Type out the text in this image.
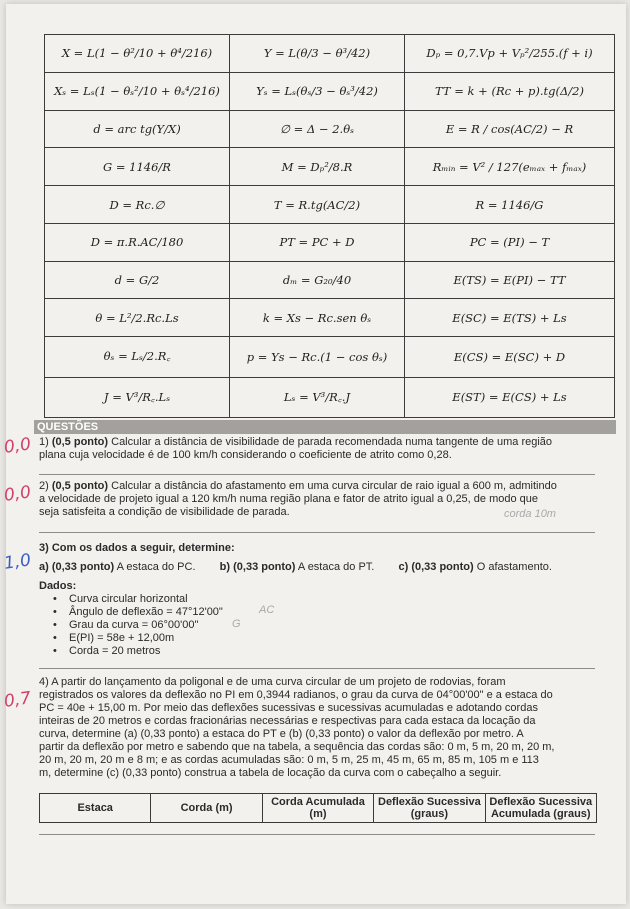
X = L(1 − θ²/10 + θ⁴/216)	Y = L(θ/3 − θ³/42)	Dₚ = 0,7.Vp + Vₚ²/255.(f + i)
Xₛ = Lₛ(1 − θₛ²/10 + θₛ⁴/216)	Yₛ = Lₛ(θₛ/3 − θₛ³/42)	TT = k + (Rc + p).tg(Δ/2)
d = arc tg(Y/X)	∅ = Δ − 2.θₛ	E = R / cos(AC/2) − R
G = 1146/R	M = Dₚ²/8.R	Rₘᵢₙ = V² / 127(eₘₐₓ + fₘₐₓ)
D = Rc.∅	T = R.tg(AC/2)	R = 1146/G
D = π.R.AC/180	PT = PC + D	PC = (PI) − T
d = G/2	dₘ = G₂₀/40	E(TS) = E(PI) − TT
θ = L²/2.Rc.Ls	k = Xs − Rc.sen θₛ	E(SC) = E(TS) + Ls
θₛ = Lₛ/2.R꜀	p = Ys − Rc.(1 − cos θₛ)	E(CS) = E(SC) + D
J = V³/R꜀.Lₛ	Lₛ = V³/R꜀.J	E(ST) = E(CS) + Ls
QUESTÕES
0,0 1) (0,5 ponto) Calcular a distância de visibilidade de parada recomendada numa tangente de uma região
plana cuja velocidade é de 100 km/h considerando o coeficiente de atrito como 0,28.
0,0 2) (0,5 ponto) Calcular a distância do afastamento em uma curva circular de raio igual a 600 m, admitindo
a velocidade de projeto igual a 120 km/h numa região plana e fator de atrito igual a 0,25, de modo que
seja satisfeita a condição de visibilidade de parada.	corda 10m
1,0
3) Com os dados a seguir, determine:
a) (0,33 ponto) A estaca do PC. b) (0,33 ponto) A estaca do PT. c) (0,33 ponto) O afastamento.
Dados:
• Curva circular horizontal
• Ângulo de deflexão = 47°12'00"
• Grau da curva = 06°00'00"
• E(PI) = 58e + 12,00m
• Corda = 20 metros
AC
G
0,7
4) A partir do lançamento da poligonal e de uma curva circular de um projeto de rodovias, foram
registrados os valores da deflexão no PI em 0,3944 radianos, o grau da curva de 04°00'00" e a estaca do
PC = 40e + 15,00 m. Por meio das deflexões sucessivas e sucessivas acumuladas e adotando cordas
inteiras de 20 metros e cordas fracionárias necessárias e respectivas para cada estaca da locação da
curva, determine (a) (0,33 ponto) a estaca do PT e (b) (0,33 ponto) o valor da deflexão por metro. A
partir da deflexão por metro e sabendo que na tabela, a sequência das cordas são: 0 m, 5 m, 20 m, 20 m,
20 m, 20 m, 20 m e 8 m; e as cordas acumuladas são: 0 m, 5 m, 25 m, 45 m, 65 m, 85 m, 105 m e 113
m, determine (c) (0,33 ponto) construa a tabela de locação da curva com o cabeçalho a seguir.
Estaca	Corda (m)	Corda Acumulada (m)	Deflexão Sucessiva (graus)	Deflexão Sucessiva Acumulada (graus)
